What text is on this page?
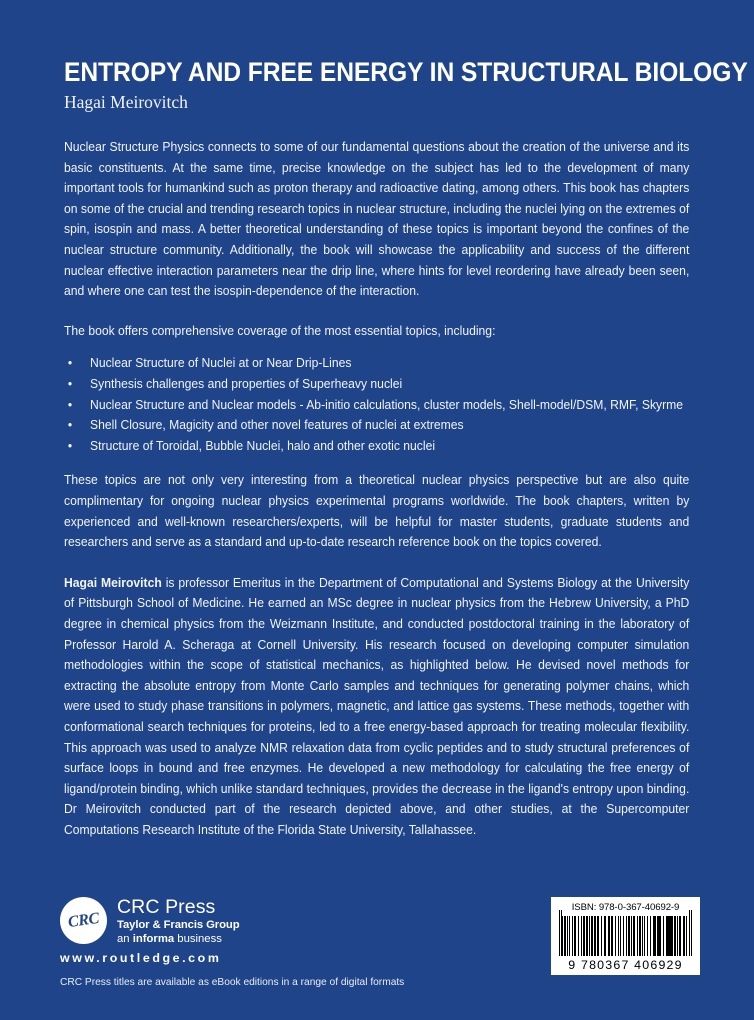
ENTROPY AND FREE ENERGY IN STRUCTURAL BIOLOGY
Hagai Meirovitch

Nuclear Structure Physics connects to some of our fundamental questions about the creation of the universe and its basic constituents. At the same time, precise knowledge on the subject has led to the development of many important tools for humankind such as proton therapy and radioactive dating, among others. This book has chapters on some of the crucial and trending research topics in nuclear structure, including the nuclei lying on the extremes of spin, isospin and mass. A better theoretical understanding of these topics is important beyond the confines of the nuclear structure community. Additionally, the book will showcase the applicability and success of the different nuclear effective interaction parameters near the drip line, where hints for level reordering have already been seen, and where one can test the isospin-dependence of the interaction.

The book offers comprehensive coverage of the most essential topics, including:

• Nuclear Structure of Nuclei at or Near Drip-Lines
• Synthesis challenges and properties of Superheavy nuclei
• Nuclear Structure and Nuclear models - Ab-initio calculations, cluster models, Shell-model/DSM, RMF, Skyrme
• Shell Closure, Magicity and other novel features of nuclei at extremes
• Structure of Toroidal, Bubble Nuclei, halo and other exotic nuclei

These topics are not only very interesting from a theoretical nuclear physics perspective but are also quite complimentary for ongoing nuclear physics experimental programs worldwide. The book chapters, written by experienced and well-known researchers/experts, will be helpful for master students, graduate students and researchers and serve as a standard and up-to-date research reference book on the topics covered.

Hagai Meirovitch is professor Emeritus in the Department of Computational and Systems Biology at the University of Pittsburgh School of Medicine. He earned an MSc degree in nuclear physics from the Hebrew University, a PhD degree in chemical physics from the Weizmann Institute, and conducted postdoctoral training in the laboratory of Professor Harold A. Scheraga at Cornell University. His research focused on developing computer simulation methodologies within the scope of statistical mechanics, as highlighted below. He devised novel methods for extracting the absolute entropy from Monte Carlo samples and techniques for generating polymer chains, which were used to study phase transitions in polymers, magnetic, and lattice gas systems. These methods, together with conformational search techniques for proteins, led to a free energy-based approach for treating molecular flexibility. This approach was used to analyze NMR relaxation data from cyclic peptides and to study structural preferences of surface loops in bound and free enzymes. He developed a new methodology for calculating the free energy of ligand/protein binding, which unlike standard techniques, provides the decrease in the ligand's entropy upon binding. Dr Meirovitch conducted part of the research depicted above, and other studies, at the Supercomputer Computations Research Institute of the Florida State University, Tallahassee.

CRC
CRC Press
Taylor & Francis Group
an informa business
www.routledge.com
CRC Press titles are available as eBook editions in a range of digital formats
ISBN: 978-0-367-40692-9
9 780367 406929
